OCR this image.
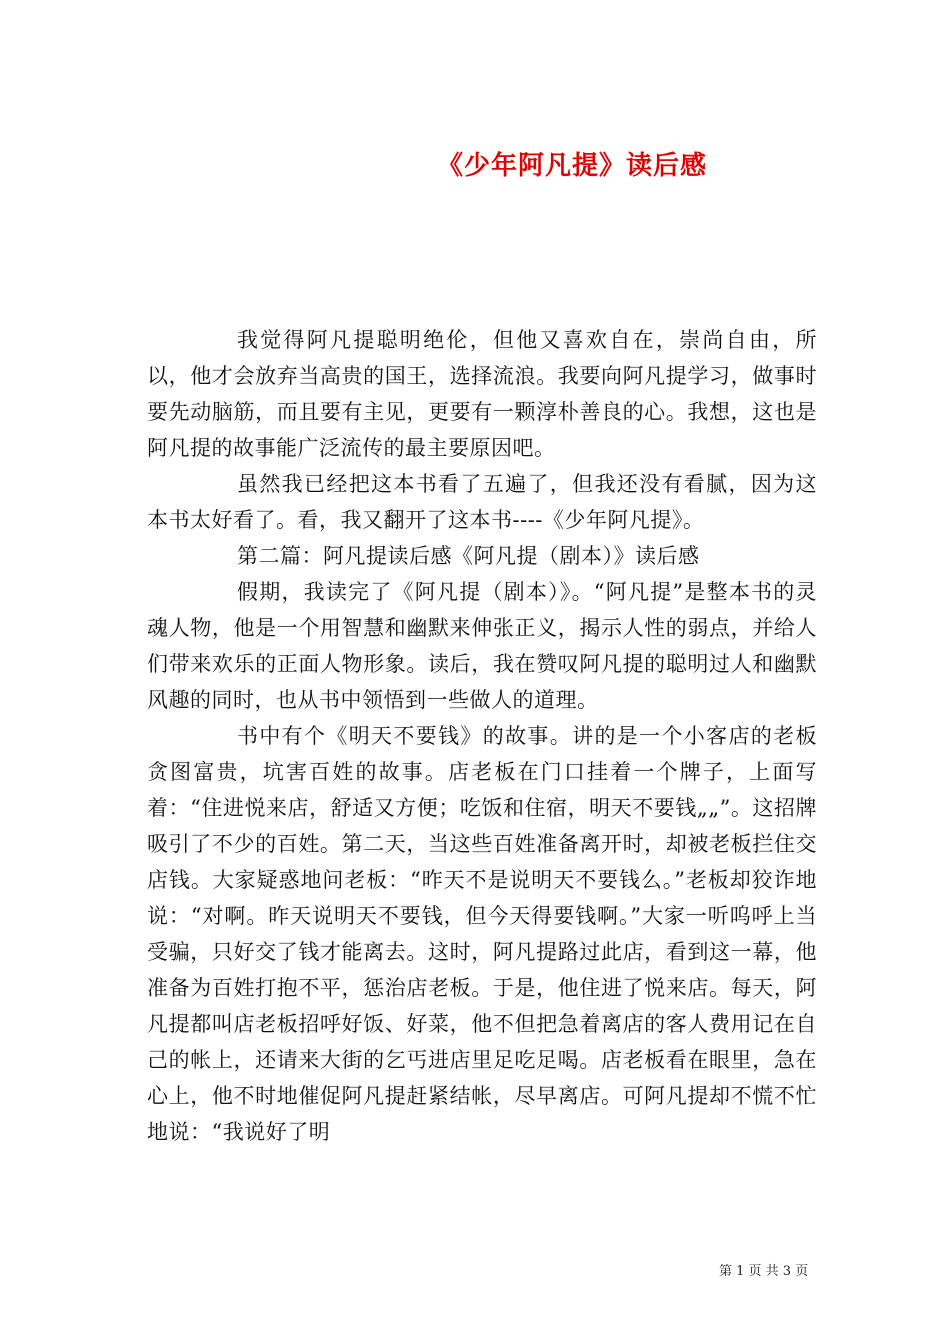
《少年阿凡提》读后感

我觉得阿凡提聪明绝伦，但他又喜欢自在，崇尚自由，所以，他才会放弃当高贵的国王，选择流浪。我要向阿凡提学习，做事时要先动脑筋，而且要有主见，更要有一颗淳朴善良的心。我想，这也是阿凡提的故事能广泛流传的最主要原因吧。

虽然我已经把这本书看了五遍了，但我还没有看腻，因为这本书太好看了。看，我又翻开了这本书----《少年阿凡提》。

第二篇：阿凡提读后感《阿凡提（剧本）》读后感

假期，我读完了《阿凡提（剧本）》。“阿凡提”是整本书的灵魂人物，他是一个用智慧和幽默来伸张正义，揭示人性的弱点，并给人们带来欢乐的正面人物形象。读后，我在赞叹阿凡提的聪明过人和幽默风趣的同时，也从书中领悟到一些做人的道理。

书中有个《明天不要钱》的故事。讲的是一个小客店的老板贪图富贵，坑害百姓的故事。店老板在门口挂着一个牌子，上面写着：“住进悦来店，舒适又方便；吃饭和住宿，明天不要钱„„”。这招牌吸引了不少的百姓。第二天，当这些百姓准备离开时，却被老板拦住交店钱。大家疑惑地问老板：“昨天不是说明天不要钱么。”老板却狡诈地说：“对啊。昨天说明天不要钱，但今天得要钱啊。”大家一听呜呼上当受骗，只好交了钱才能离去。这时，阿凡提路过此店，看到这一幕，他准备为百姓打抱不平，惩治店老板。于是，他住进了悦来店。每天，阿凡提都叫店老板招呼好饭、好菜，他不但把急着离店的客人费用记在自己的帐上，还请来大街的乞丐进店里足吃足喝。店老板看在眼里，急在心上，他不时地催促阿凡提赶紧结帐，尽早离店。可阿凡提却不慌不忙地说：“我说好了明

第 1 页 共 3 页
